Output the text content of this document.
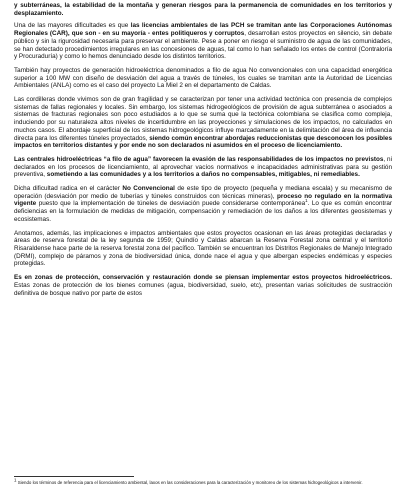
y subterráneas, la estabilidad de la montaña y generan riesgos para la permanencia de comunidades en los territorios y desplazamiento.

Una de las mayores dificultades es que las licencias ambientales de las PCH se tramitan ante las Corporaciones Autónomas Regionales (CAR), que son - en su mayoría - entes politiqueros y corruptos, desarrollan estos proyectos en silencio, sin debate público y sin la rigurosidad necesaria para preservar el ambiente. Pese a poner en riesgo el suministro de agua de las comunidades, se han detectado procedimientos irregulares en las concesiones de aguas, tal como lo han señalado los entes de control (Contraloría y Procuraduría) y como lo hemos denunciado desde los distintos territorios.

También hay proyectos de generación hidroeléctrica denominados a filo de agua No convencionales con una capacidad energética superior a 100 MW con diseño de desviación del agua a través de túneles, los cuales se tramitan ante la Autoridad de Licencias Ambientales (ANLA) como es el caso del proyecto La Miel 2 en el departamento de Caldas.

Las cordilleras donde vivimos son de gran fragilidad y se caracterizan por tener una actividad tectónica con presencia de complejos sistemas de fallas regionales y locales. Sin embargo, los sistemas hidrogeológicos de provisión de agua subterránea o asociados a sistemas de fracturas regionales son poco estudiados a lo que se suma que la tectónica colombiana se clasifica como compleja, induciendo por su naturaleza altos niveles de incertidumbre en las proyecciones y simulaciones de los impactos, no calculados en muchos casos. El abordaje superficial de los sistemas hidrogeológicos influye marcadamente en la delimitación del área de influencia directa para los diferentes túneles proyectados, siendo común encontrar abordajes reduccionistas que desconocen los posibles impactos en territorios distantes y por ende no son declarados ni asumidos en el proceso de licenciamiento.

Las centrales hidroeléctricas “a filo de agua” favorecen la evasión de las responsabilidades de los impactos no previstos, ni declarados en los procesos de licenciamiento, al aprovechar vacíos normativos e incapacidades administrativas para su gestión preventiva, sometiendo a las comunidades y a los territorios a daños no compensables, mitigables, ni remediables.

Dicha dificultad radica en el carácter No Convencional de este tipo de proyecto (pequeña y mediana escala) y su mecanismo de operación (desviación por medio de tuberías y túneles construidos con técnicas mineras), proceso no regulado en la normativa vigente puesto que la implementación de túneles de desviación puede considerarse contemporánea$^1$. Lo que es común encontrar deficiencias en la formulación de medidas de mitigación, compensación y remediación de los daños a los diferentes geosistemas y ecosistemas.

Anotamos, además, las implicaciones e impactos ambientales que estos proyectos ocasionan en las áreas protegidas declaradas y áreas de reserva forestal de la ley segunda de 1959; Quindío y Caldas abarcan la Reserva Forestal zona central y el territorio Risaraldense hace parte de la reserva forestal zona del pacífico. También se encuentran los Distritos Regionales de Manejo Integrado (DRMI), complejo de páramos y zona de biodiversidad única, donde nace el agua y que albergan especies endémicas y especies protegidas.

Es en zonas de protección, conservación y restauración donde se piensan implementar estos proyectos hidroeléctricos. Estas zonas de protección de los bienes comunes (agua, biodiversidad, suelo, etc), presentan varias solicitudes de sustracción definitiva de bosque nativo por parte de estos

$^1$ Siendo los términos de referencia para el licenciamiento ambiental, laxos en las consideraciones para la caracterización y monitoreo de los sistemas hidrogeológicos a intervenir.
